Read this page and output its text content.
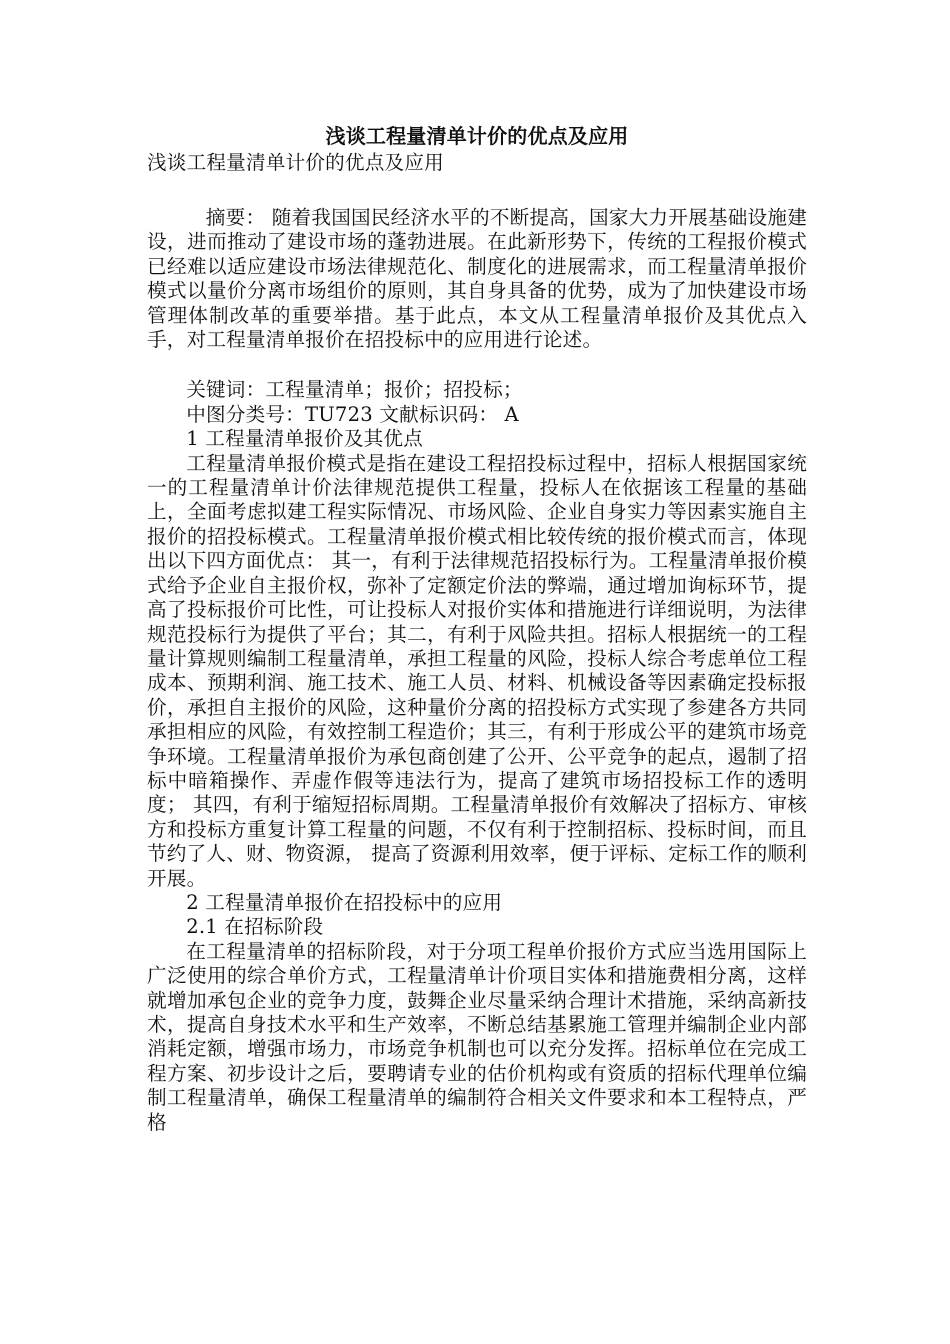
浅谈工程量清单计价的优点及应用

浅谈工程量清单计价的优点及应用

摘要： 随着我国国民经济水平的不断提高，国家大力开展基础设施建设，进而推动了建设市场的蓬勃进展。在此新形势下，传统的工程报价模式已经难以适应建设市场法律规范化、制度化的进展需求，而工程量清单报价模式以量价分离市场组价的原则，其自身具备的优势，成为了加快建设市场管理体制改革的重要举措。基于此点，本文从工程量清单报价及其优点入手，对工程量清单报价在招投标中的应用进行论述。

关键词：工程量清单；报价；招投标；

中图分类号：TU723 文献标识码： A

1 工程量清单报价及其优点

工程量清单报价模式是指在建设工程招投标过程中，招标人根据国家统一的工程量清单计价法律规范提供工程量，投标人在依据该工程量的基础上，全面考虑拟建工程实际情况、市场风险、企业自身实力等因素实施自主报价的招投标模式。工程量清单报价模式相比较传统的报价模式而言，体现出以下四方面优点： 其一，有利于法律规范招投标行为。工程量清单报价模式给予企业自主报价权，弥补了定额定价法的弊端，通过增加询标环节，提高了投标报价可比性，可让投标人对报价实体和措施进行详细说明，为法律规范投标行为提供了平台；其二，有利于风险共担。招标人根据统一的工程量计算规则编制工程量清单，承担工程量的风险，投标人综合考虑单位工程成本、预期利润、施工技术、施工人员、材料、机械设备等因素确定投标报价，承担自主报价的风险，这种量价分离的招投标方式实现了参建各方共同承担相应的风险，有效控制工程造价；其三，有利于形成公平的建筑市场竞争环境。工程量清单报价为承包商创建了公开、公平竞争的起点，遏制了招标中暗箱操作、弄虚作假等违法行为，提高了建筑市场招投标工作的透明度； 其四，有利于缩短招标周期。工程量清单报价有效解决了招标方、审核方和投标方重复计算工程量的问题，不仅有利于控制招标、投标时间，而且节约了人、财、物资源， 提高了资源利用效率，便于评标、定标工作的顺利开展。

2 工程量清单报价在招投标中的应用

2.1 在招标阶段

在工程量清单的招标阶段，对于分项工程单价报价方式应当选用国际上广泛使用的综合单价方式，工程量清单计价项目实体和措施费相分离，这样就增加承包企业的竞争力度，鼓舞企业尽量采纳合理计术措施，采纳高新技术，提高自身技术水平和生产效率，不断总结基累施工管理并编制企业内部消耗定额，增强市场力，市场竞争机制也可以充分发挥。招标单位在完成工程方案、初步设计之后，要聘请专业的估价机构或有资质的招标代理单位编制工程量清单，确保工程量清单的编制符合相关文件要求和本工程特点，严格
